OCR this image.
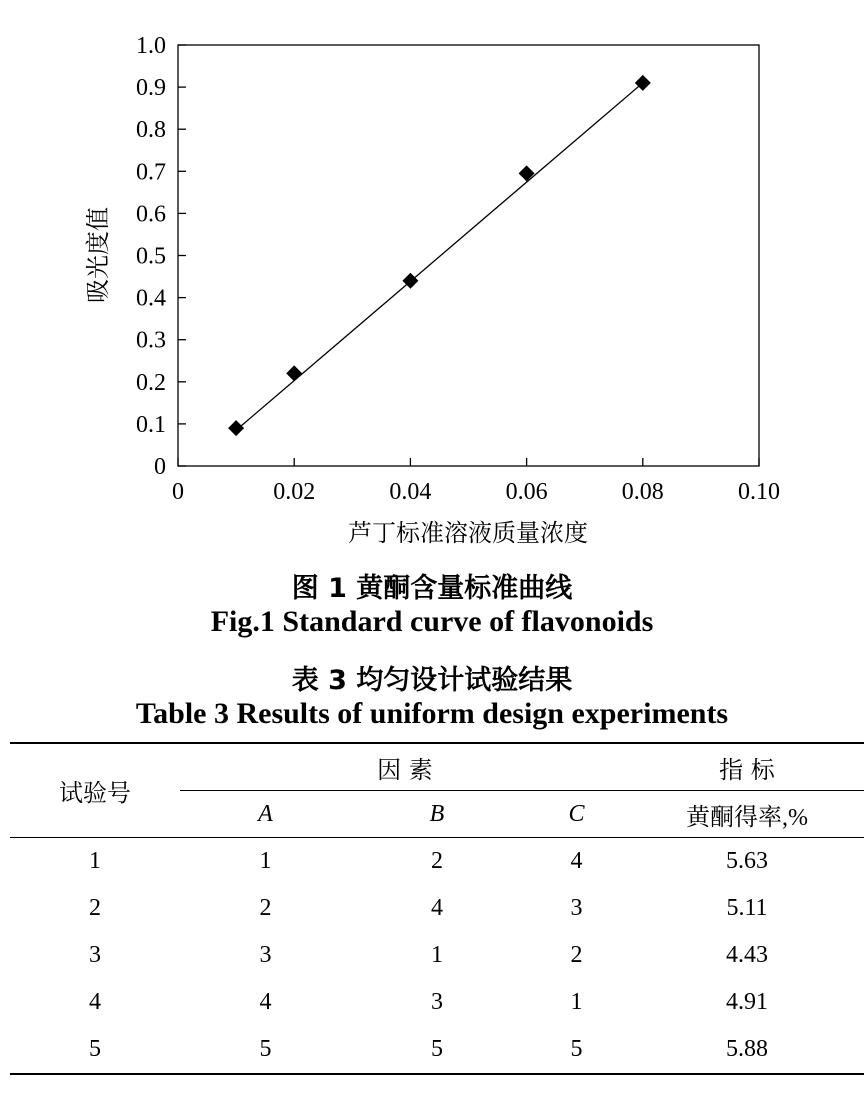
0
0.1
0.2
0.3
0.4
0.5
0.6
0.7
0.8
0.9
1.0
0	0.02	0.04	0.06	0.08	0.10
吸光度值
芦丁标准溶液质量浓度
图 1 黄酮含量标准曲线
Fig.1 Standard curve of flavonoids
表 3 均匀设计试验结果
Table 3 Results of uniform design experiments
试验号	因 素			指 标
	A	B	C	黄酮得率,%
1	1	2	4	5.63
2	2	4	3	5.11
3	3	1	2	4.43
4	4	3	1	4.91
5	5	5	5	5.88
